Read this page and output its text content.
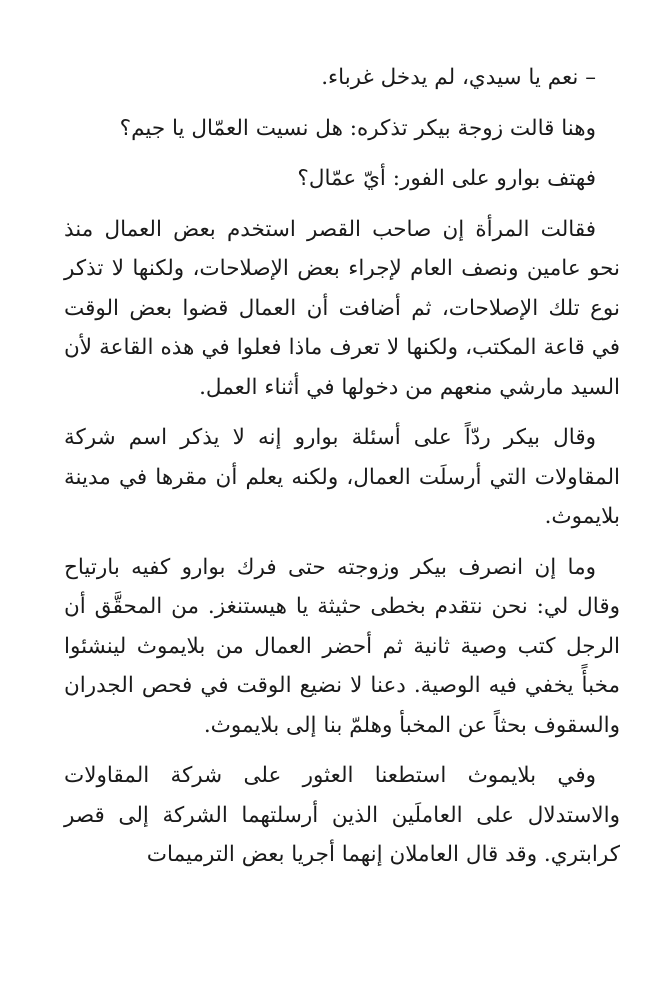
– نعم يا سيدي، لم يدخل غرباء.

وهنا قالت زوجة بيكر تذكره: هل نسيت العمّال يا جيم؟

فهتف بوارو على الفور: أيّ عمّال؟

فقالت المرأة إن صاحب القصر استخدم بعض العمال منذ نحو عامين ونصف العام لإجراء بعض الإصلاحات، ولكنها لا تذكر نوع تلك الإصلاحات، ثم أضافت أن العمال قضوا بعض الوقت في قاعة المكتب، ولكنها لا تعرف ماذا فعلوا في هذه القاعة لأن السيد مارشي منعهم من دخولها في أثناء العمل.

وقال بيكر ردّاً على أسئلة بوارو إنه لا يذكر اسم شركة المقاولات التي أرسلَت العمال، ولكنه يعلم أن مقرها في مدينة بلايموث.

وما إن انصرف بيكر وزوجته حتى فرك بوارو كفيه بارتياح وقال لي: نحن نتقدم بخطى حثيثة يا هيستنغز. من المحقَّق أن الرجل كتب وصية ثانية ثم أحضر العمال من بلايموث لينشئوا مخبأً يخفي فيه الوصية. دعنا لا نضيع الوقت في فحص الجدران والسقوف بحثاً عن المخبأ وهلمّ بنا إلى بلايموث.

وفي بلايموث استطعنا العثور على شركة المقاولات والاستدلال على العاملَين الذين أرسلتهما الشركة إلى قصر كرابتري. وقد قال العاملان إنهما أجريا بعض الترميمات
